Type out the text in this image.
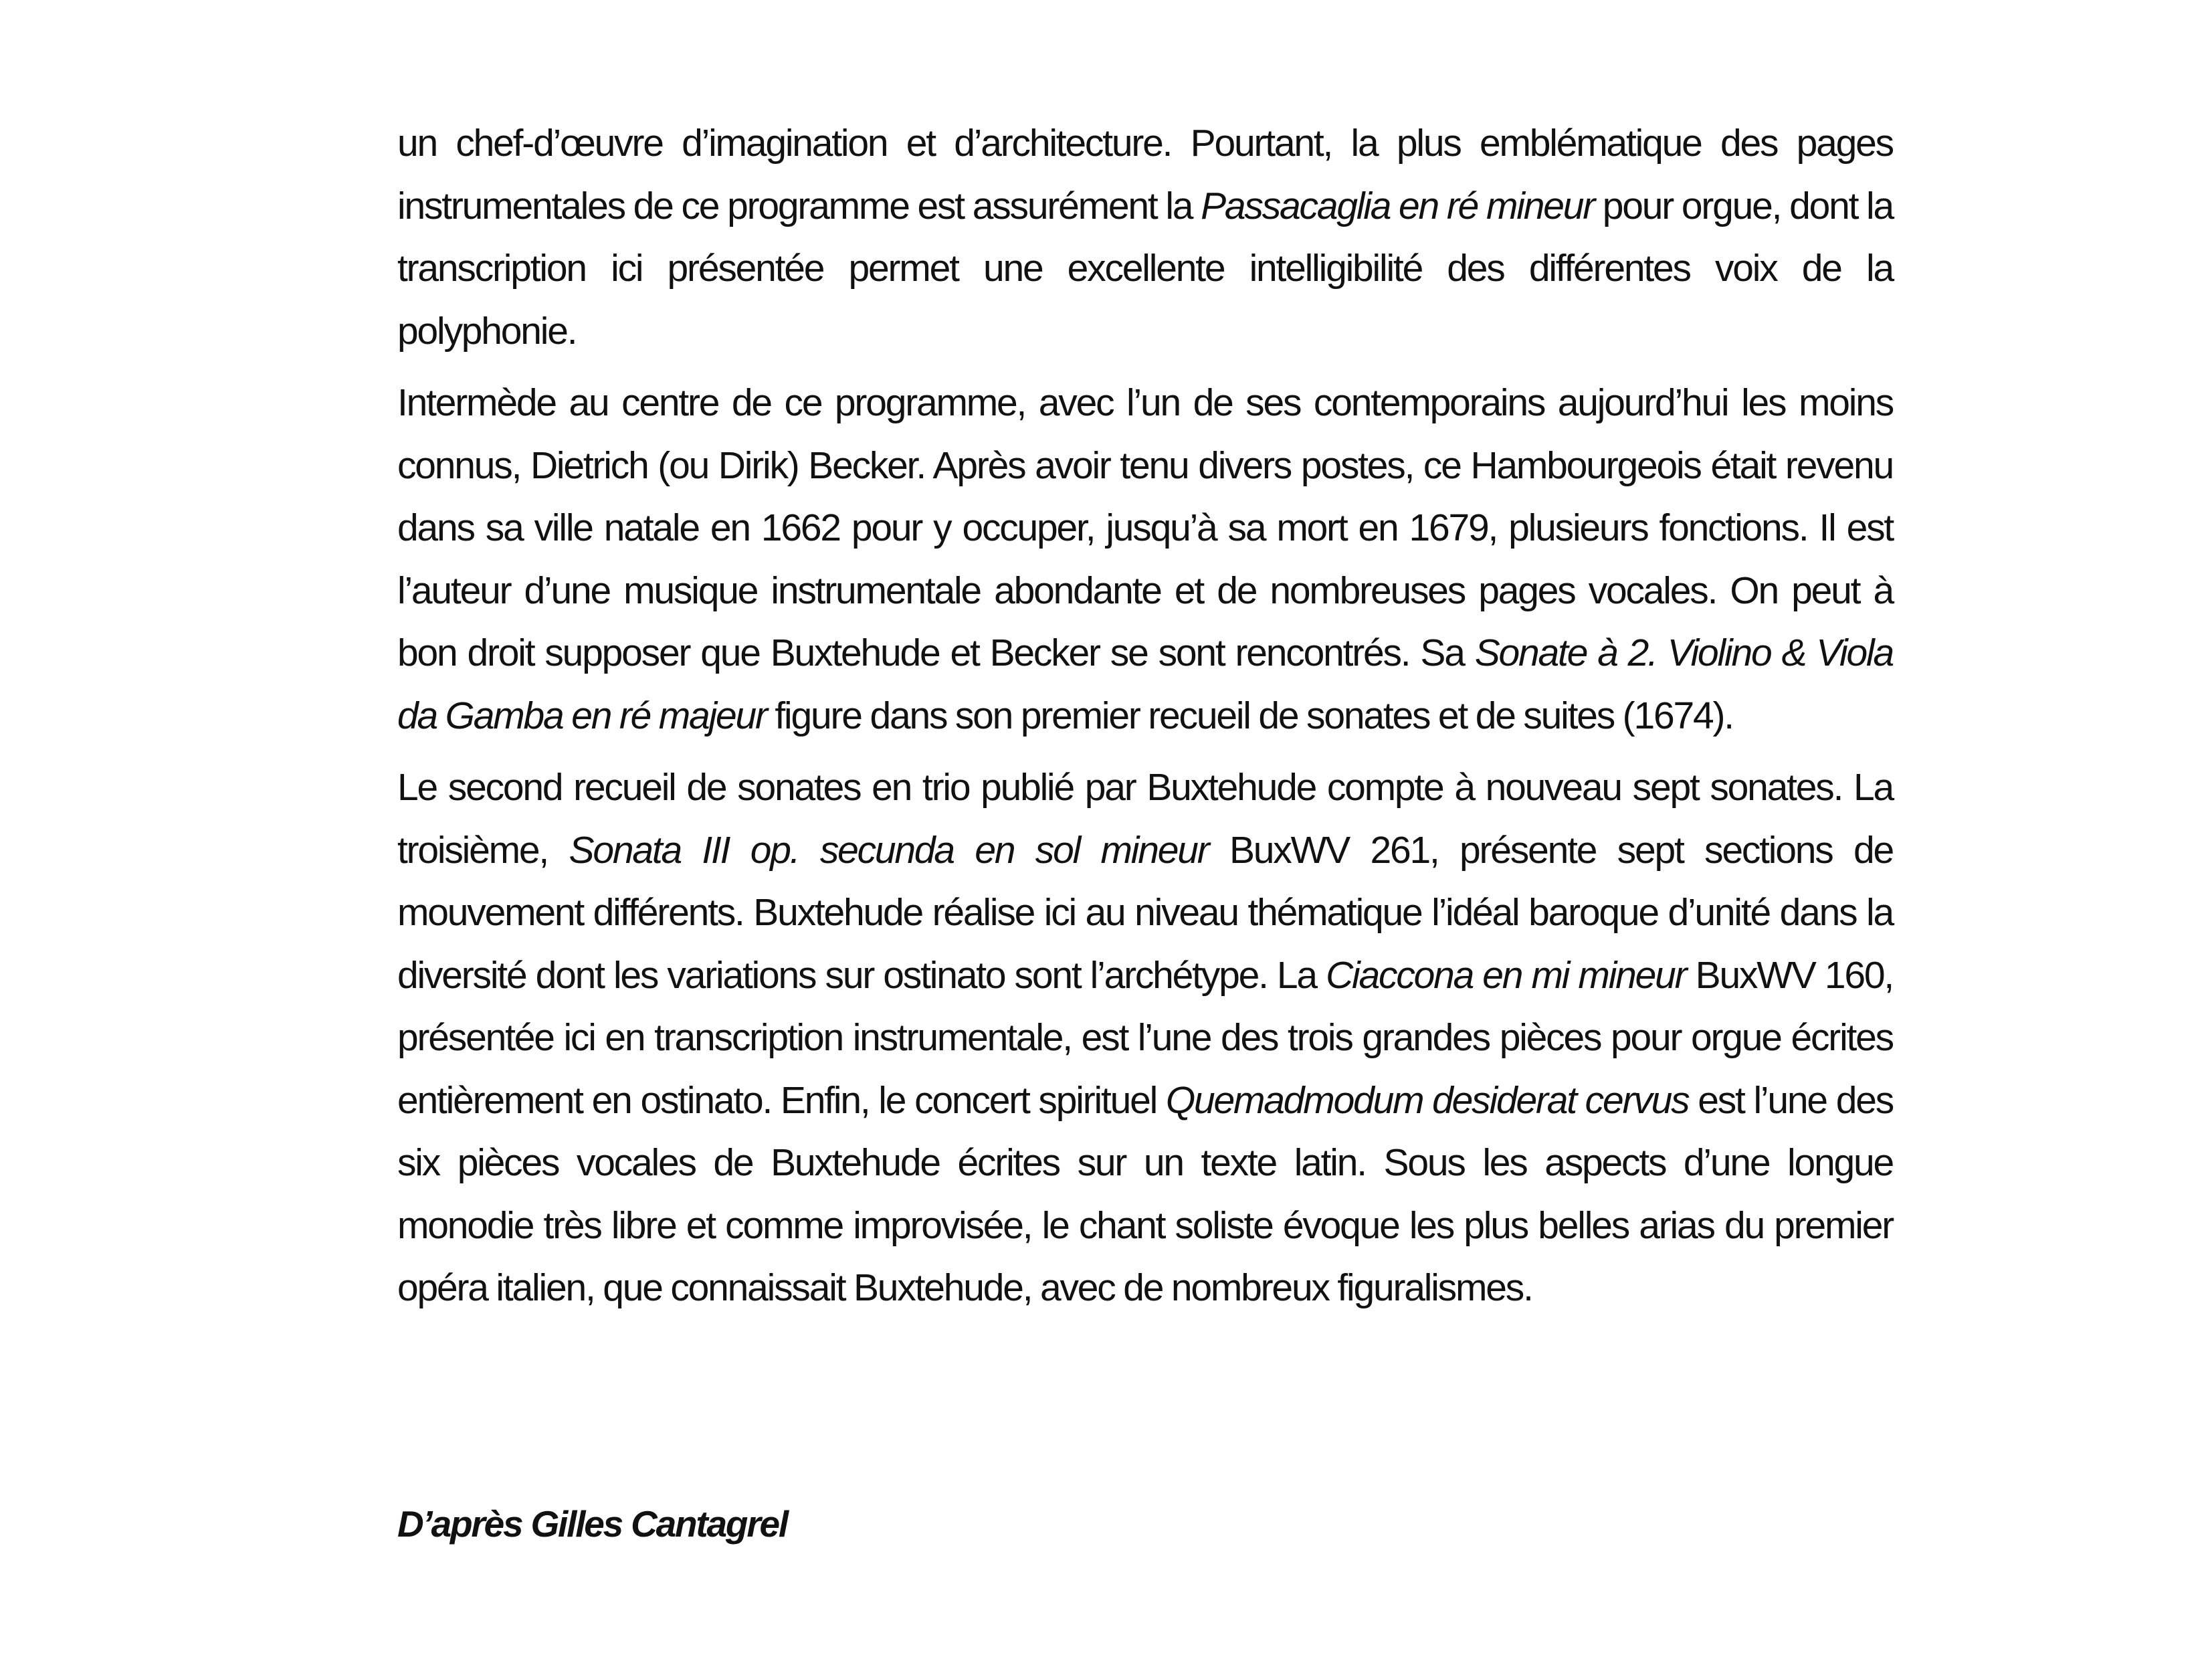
un chef-d’œuvre d’imagination et d’architecture. Pourtant, la plus emblématique des pages instrumentales de ce programme est assurément la Passacaglia en ré mineur pour orgue, dont la transcription ici présentée permet une excellente intelligibilité des différentes voix de la polyphonie.

Intermède au centre de ce programme, avec l’un de ses contemporains aujourd’hui les moins connus, Dietrich (ou Dirik) Becker. Après avoir tenu divers postes, ce Hambourgeois était revenu dans sa ville natale en 1662 pour y occuper, jusqu’à sa mort en 1679, plusieurs fonctions. Il est l’auteur d’une musique instrumentale abondante et de nombreuses pages vocales. On peut à bon droit supposer que Buxtehude et Becker se sont rencontrés. Sa Sonate à 2. Violino & Viola da Gamba en ré majeur figure dans son premier recueil de sonates et de suites (1674).

Le second recueil de sonates en trio publié par Buxtehude compte à nouveau sept sonates. La troisième, Sonata III op. secunda en sol mineur BuxWV 261, présente sept sections de mouvement différents. Buxtehude réalise ici au niveau thématique l’idéal baroque d’unité dans la diversité dont les variations sur ostinato sont l’archétype. La Ciaccona en mi mineur BuxWV 160, présentée ici en transcription instrumentale, est l’une des trois grandes pièces pour orgue écrites entièrement en ostinato. Enfin, le concert spirituel Quemadmodum desiderat cervus est l’une des six pièces vocales de Buxtehude écrites sur un texte latin. Sous les aspects d’une longue monodie très libre et comme improvisée, le chant soliste évoque les plus belles arias du premier opéra italien, que connaissait Buxtehude, avec de nombreux figuralismes.

D’après Gilles Cantagrel
